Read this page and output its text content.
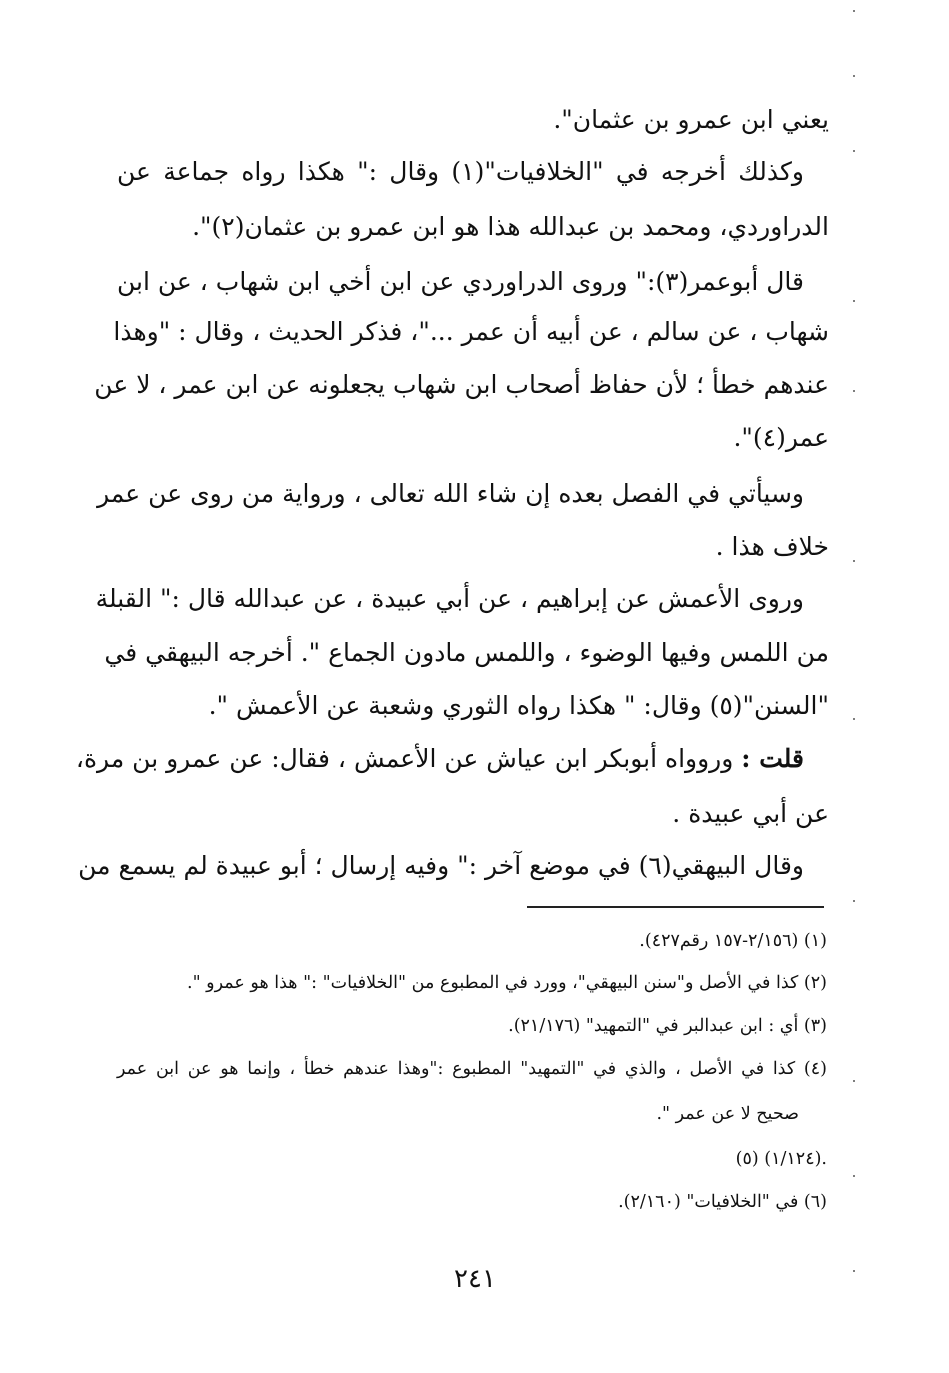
يعني ابن عمرو بن عثمان".
وكذلك أخرجه في "الخلافيات"(١) وقال :" هكذا رواه جماعة عن
الدراوردي، ومحمد بن عبدالله هذا هو ابن عمرو بن عثمان(٢)".
قال أبوعمر(٣):" وروى الدراوردي عن ابن أخي ابن شهاب ، عن ابن
شهاب ، عن سالم ، عن أبيه أن عمر ..."، فذكر الحديث ، وقال : "وهذا
عندهم خطأ ؛ لأن حفاظ أصحاب ابن شهاب يجعلونه عن ابن عمر ، لا عن
عمر(٤)".
وسيأتي في الفصل بعده إن شاء الله تعالى ، ورواية من روى عن عمر
خلاف هذا .
وروى الأعمش عن إبراهيم ، عن أبي عبيدة ، عن عبدالله قال :" القبلة
من اللمس وفيها الوضوء ، واللمس مادون الجماع ". أخرجه البيهقي في
"السنن"(٥) وقال: " هكذا رواه الثوري وشعبة عن الأعمش ".
قلت : وروواه أبوبكر ابن عياش عن الأعمش ، فقال: عن عمرو بن مرة،
عن أبي عبيدة .
وقال البيهقي(٦) في موضع آخر :" وفيه إرسال ؛ أبو عبيدة لم يسمع من
(١) (٢/١٥٦-١٥٧ رقم٤٢٧).
(٢) كذا في الأصل و"سنن البيهقي"، وورد في المطبوع من "الخلافيات" :" هذا هو عمرو ".
(٣) أي : ابن عبدالبر في "التمهيد" (٢١/١٧٦).
(٤) كذا في الأصل ، والذي في "التمهيد" المطبوع :"وهذا عندهم خطأ ، وإنما هو عن ابن عمر
صحيح لا عن عمر ".
(٥) (١/١٢٤).
(٦) في "الخلافيات" (٢/١٦٠).
٢٤١
